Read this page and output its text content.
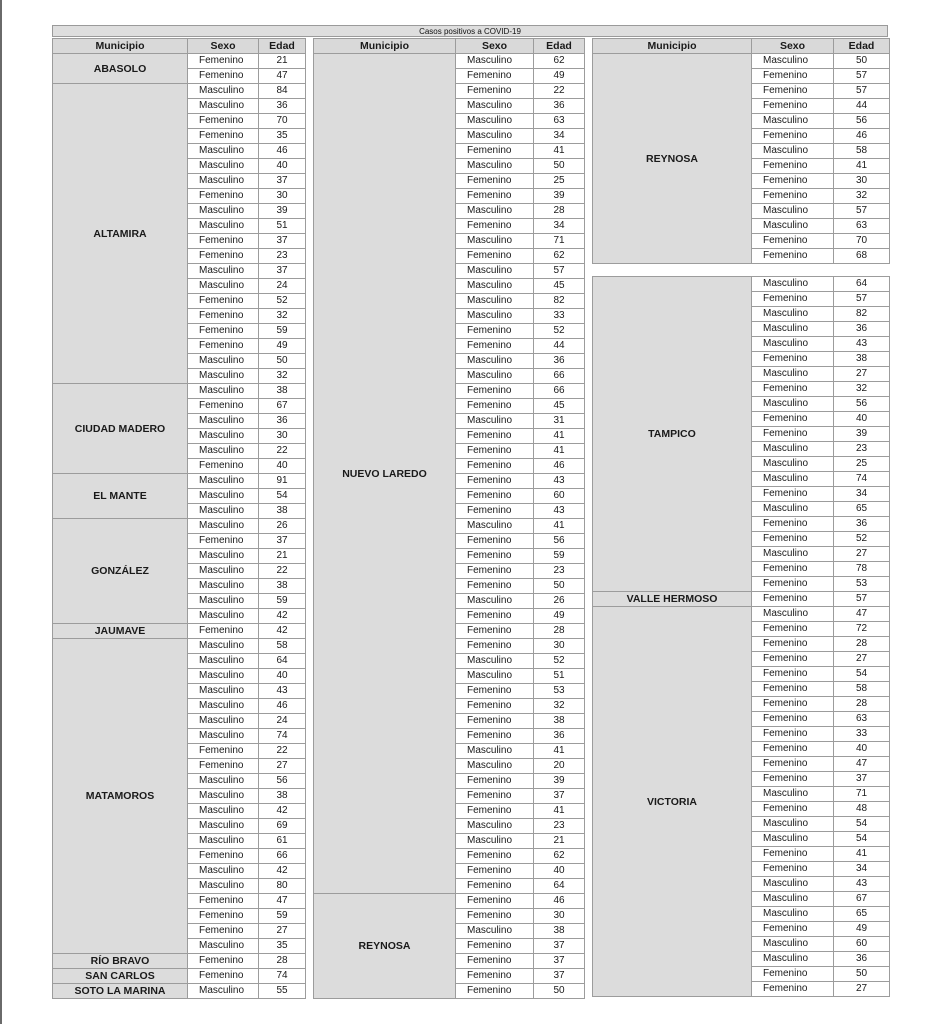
Casos positivos a COVID-19
Municipio	Sexo	Edad
ABASOLO	Femenino	21
	Femenino	47
ALTAMIRA	Masculino	84
	Masculino	36
	Femenino	70
	Femenino	35
	Masculino	46
	Masculino	40
	Masculino	37
	Femenino	30
	Masculino	39
	Masculino	51
	Femenino	37
	Femenino	23
	Masculino	37
	Masculino	24
	Femenino	52
	Femenino	32
	Femenino	59
	Femenino	49
	Masculino	50
	Masculino	32
CIUDAD MADERO	Masculino	38
	Femenino	67
	Masculino	36
	Masculino	30
	Masculino	22
	Femenino	40
EL MANTE	Masculino	91
	Masculino	54
	Masculino	38
GONZÁLEZ	Masculino	26
	Femenino	37
	Masculino	21
	Masculino	22
	Masculino	38
	Masculino	59
	Masculino	42
JAUMAVE	Femenino	42
MATAMOROS	Masculino	58
	Masculino	64
	Masculino	40
	Masculino	43
	Masculino	46
	Masculino	24
	Masculino	74
	Femenino	22
	Femenino	27
	Masculino	56
	Masculino	38
	Masculino	42
	Masculino	69
	Masculino	61
	Femenino	66
	Masculino	42
	Masculino	80
	Femenino	47
	Femenino	59
	Femenino	27
	Masculino	35
RÍO BRAVO	Femenino	28
SAN CARLOS	Femenino	74
SOTO LA MARINA	Masculino	55
Municipio	Sexo	Edad
NUEVO LAREDO	Masculino	62
	Femenino	49
	Femenino	22
	Masculino	36
	Masculino	63
	Masculino	34
	Femenino	41
	Masculino	50
	Femenino	25
	Femenino	39
	Masculino	28
	Femenino	34
	Masculino	71
	Femenino	62
	Masculino	57
	Masculino	45
	Masculino	82
	Masculino	33
	Femenino	52
	Femenino	44
	Masculino	36
	Masculino	66
	Femenino	66
	Femenino	45
	Masculino	31
	Femenino	41
	Femenino	41
	Femenino	46
	Femenino	43
	Femenino	60
	Femenino	43
	Masculino	41
	Femenino	56
	Femenino	59
	Femenino	23
	Femenino	50
	Masculino	26
	Femenino	49
	Femenino	28
	Femenino	30
	Masculino	52
	Masculino	51
	Femenino	53
	Femenino	32
	Femenino	38
	Femenino	36
	Masculino	41
	Masculino	20
	Femenino	39
	Femenino	37
	Femenino	41
	Masculino	23
	Masculino	21
	Femenino	62
	Femenino	40
	Femenino	64
REYNOSA	Femenino	46
	Femenino	30
	Masculino	38
	Femenino	37
	Femenino	37
	Femenino	37
	Femenino	50
Municipio	Sexo	Edad
REYNOSA	Masculino	50
	Femenino	57
	Femenino	57
	Femenino	44
	Masculino	56
	Femenino	46
	Masculino	58
	Femenino	41
	Femenino	30
	Femenino	32
	Masculino	57
	Masculino	63
	Femenino	70
	Femenino	68
TAMPICO	Masculino	64
	Femenino	57
	Masculino	82
	Masculino	36
	Masculino	43
	Femenino	38
	Masculino	27
	Femenino	32
	Masculino	56
	Femenino	40
	Femenino	39
	Masculino	23
	Masculino	25
	Masculino	74
	Femenino	34
	Masculino	65
	Femenino	36
	Femenino	52
	Masculino	27
	Femenino	78
	Femenino	53
VALLE HERMOSO	Femenino	57
VICTORIA	Masculino	47
	Femenino	72
	Femenino	28
	Femenino	27
	Femenino	54
	Femenino	58
	Femenino	28
	Femenino	63
	Femenino	33
	Femenino	40
	Femenino	47
	Femenino	37
	Masculino	71
	Femenino	48
	Masculino	54
	Masculino	54
	Femenino	41
	Femenino	34
	Masculino	43
	Masculino	67
	Masculino	65
	Femenino	49
	Masculino	60
	Masculino	36
	Femenino	50
	Femenino	27
